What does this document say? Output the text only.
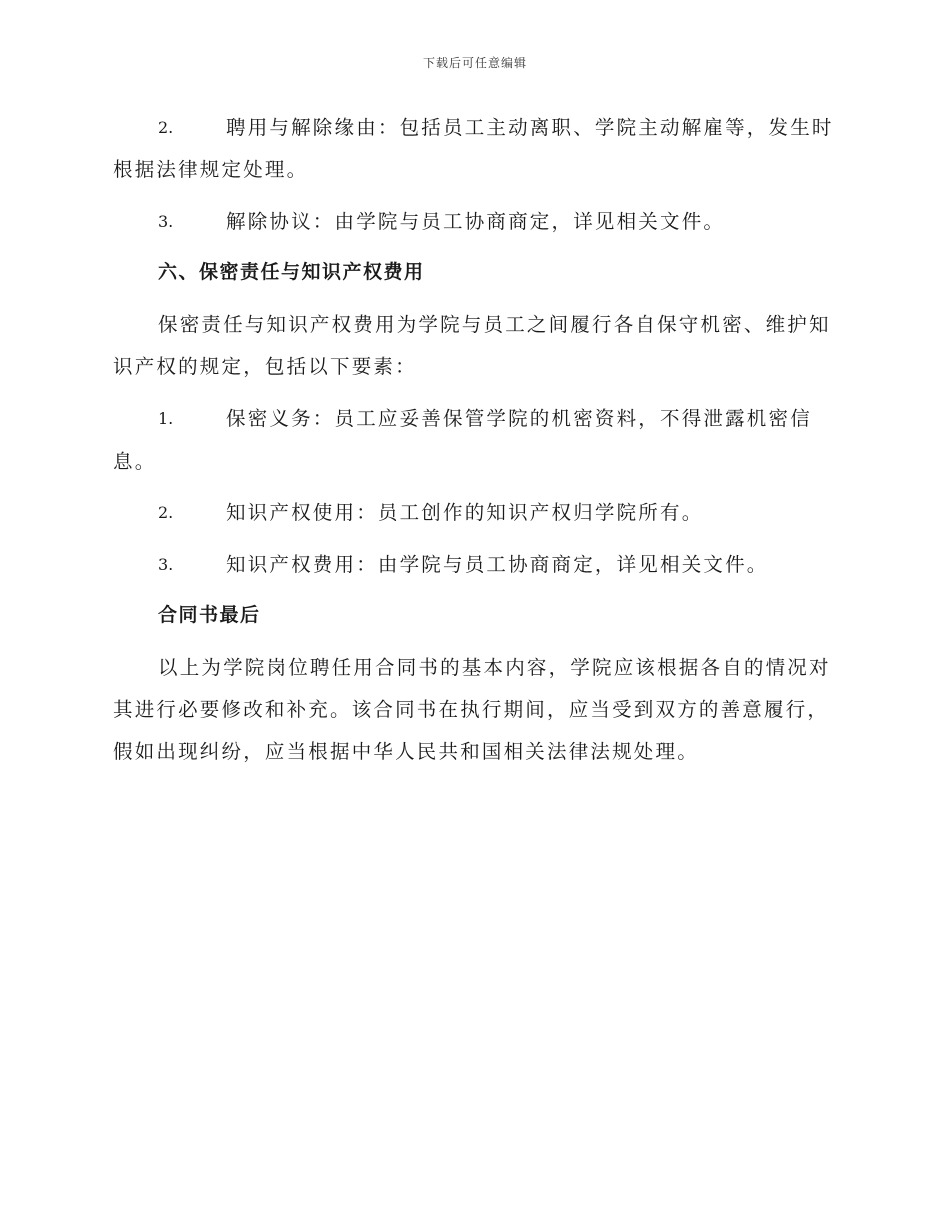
下载后可任意编辑
2.	聘用与解除缘由：包括员工主动离职、学院主动解雇等，发生时
根据法律规定处理。
3.	解除协议：由学院与员工协商商定，详见相关文件。
六、保密责任与知识产权费用
保密责任与知识产权费用为学院与员工之间履行各自保守机密、维护知
识产权的规定，包括以下要素：
1.	保密义务：员工应妥善保管学院的机密资料，不得泄露机密信
息。
2.	知识产权使用：员工创作的知识产权归学院所有。
3.	知识产权费用：由学院与员工协商商定，详见相关文件。
合同书最后
以上为学院岗位聘任用合同书的基本内容，学院应该根据各自的情况对
其进行必要修改和补充。该合同书在执行期间，应当受到双方的善意履行，
假如出现纠纷，应当根据中华人民共和国相关法律法规处理。
